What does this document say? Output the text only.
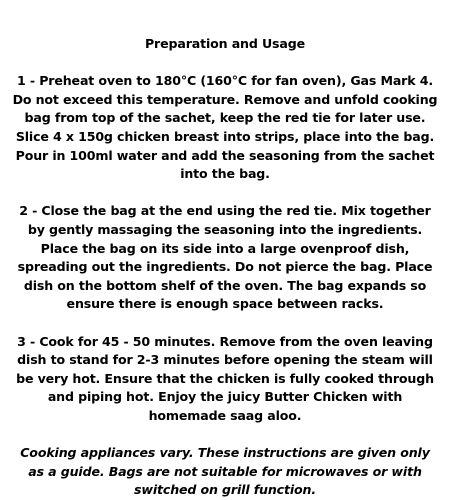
Preparation and Usage
1 - Preheat oven to 180°C (160°C for fan oven), Gas Mark 4. Do not exceed this temperature. Remove and unfold cooking bag from top of the sachet, keep the red tie for later use. Slice 4 x 150g chicken breast into strips, place into the bag. Pour in 100ml water and add the seasoning from the sachet into the bag.
2 - Close the bag at the end using the red tie. Mix together by gently massaging the seasoning into the ingredients. Place the bag on its side into a large ovenproof dish, spreading out the ingredients. Do not pierce the bag. Place dish on the bottom shelf of the oven. The bag expands so ensure there is enough space between racks.
3 - Cook for 45 - 50 minutes. Remove from the oven leaving dish to stand for 2-3 minutes before opening the steam will be very hot. Ensure that the chicken is fully cooked through and piping hot. Enjoy the juicy Butter Chicken with homemade saag aloo.
Cooking appliances vary. These instructions are given only as a guide. Bags are not suitable for microwaves or with switched on grill function.
